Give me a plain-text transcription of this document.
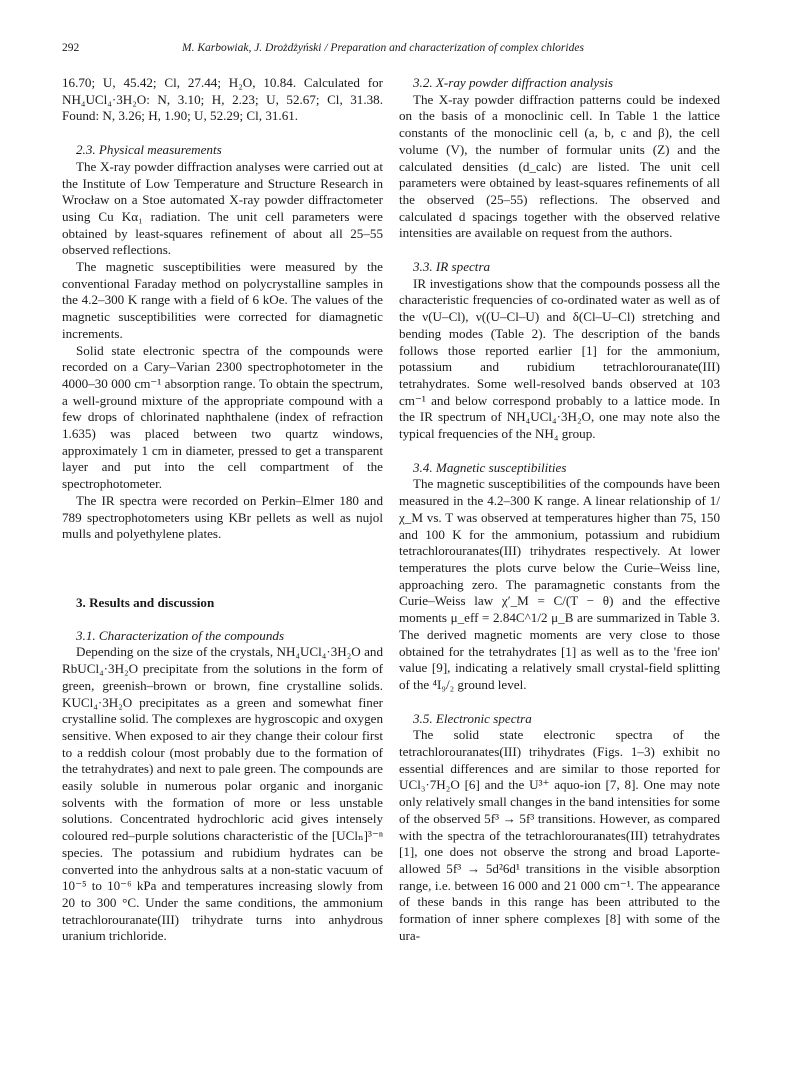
292	M. Karbowiak, J. Drożdżyński / Preparation and characterization of complex chlorides

16.70; U, 45.42; Cl, 27.44; H₂O, 10.84. Calculated for NH₄UCl₄·3H₂O: N, 3.10; H, 2.23; U, 52.67; Cl, 31.38. Found: N, 3.26; H, 1.90; U, 52.29; Cl, 31.61.

2.3. Physical measurements

The X-ray powder diffraction analyses were carried out at the Institute of Low Temperature and Structure Research in Wrocław on a Stoe automated X-ray powder diffractometer using Cu Kα₁ radiation. The unit cell parameters were obtained by least-squares refinement of about all 25–55 observed reflections.

The magnetic susceptibilities were measured by the conventional Faraday method on polycrystalline samples in the 4.2–300 K range with a field of 6 kOe. The values of the magnetic susceptibilities were corrected for diamagnetic increments.

Solid state electronic spectra of the compounds were recorded on a Cary–Varian 2300 spectrophotometer in the 4000–30 000 cm⁻¹ absorption range. To obtain the spectrum, a well-ground mixture of the appropriate compound with a few drops of chlorinated naphthalene (index of refraction 1.635) was placed between two quartz windows, approximately 1 cm in diameter, pressed to get a transparent layer and put into the cell compartment of the spectrophotometer.

The IR spectra were recorded on Perkin–Elmer 180 and 789 spectrophotometers using KBr pellets as well as nujol mulls and polyethylene plates.

3. Results and discussion

3.1. Characterization of the compounds

Depending on the size of the crystals, NH₄UCl₄·3H₂O and RbUCl₄·3H₂O precipitate from the solutions in the form of green, greenish–brown or brown, fine crystalline solids. KUCl₄·3H₂O precipitates as a green and somewhat finer crystalline solid. The complexes are hygroscopic and oxygen sensitive. When exposed to air they change their colour first to a reddish colour (most probably due to the formation of the tetrahydrates) and next to pale green. The compounds are easily soluble in numerous polar organic and inorganic solvents with the formation of more or less unstable solutions. Concentrated hydrochloric acid gives intensely coloured red–purple solutions characteristic of the [UClₙ]³⁻ⁿ species. The potassium and rubidium hydrates can be converted into the anhydrous salts at a non-static vacuum of 10⁻⁵ to 10⁻⁶ kPa and temperatures increasing slowly from 20 to 300 °C. Under the same conditions, the ammonium tetrachlorouranate(III) trihydrate turns into anhydrous uranium trichloride.

3.2. X-ray powder diffraction analysis

The X-ray powder diffraction patterns could be indexed on the basis of a monoclinic cell. In Table 1 the lattice constants of the monoclinic cell (a, b, c and β), the cell volume (V), the number of formular units (Z) and the calculated densities (d_calc) are listed. The unit cell parameters were obtained by least-squares refinements of all the observed (25–55) reflections. The observed and calculated d spacings together with the observed relative intensities are available on request from the authors.

3.3. IR spectra

IR investigations show that the compounds possess all the characteristic frequencies of co-ordinated water as well as of the ν(U–Cl), ν((U–Cl–U) and δ(Cl–U–Cl) stretching and bending modes (Table 2). The description of the bands follows those reported earlier [1] for the ammonium, potassium and rubidium tetrachlorouranate(III) tetrahydrates. Some well-resolved bands observed at 103 cm⁻¹ and below correspond probably to a lattice mode. In the IR spectrum of NH₄UCl₄·3H₂O, one may note also the typical frequencies of the NH₄ group.

3.4. Magnetic susceptibilities

The magnetic susceptibilities of the compounds have been measured in the 4.2–300 K range. A linear relationship of 1/χ_M vs. T was observed at temperatures higher than 75, 150 and 100 K for the ammonium, potassium and rubidium tetrachlorouranates(III) trihydrates respectively. At lower temperatures the plots curve below the Curie–Weiss line, approaching zero. The paramagnetic constants from the Curie–Weiss law χ′_M = C/(T − θ) and the effective moments μ_eff = 2.84C^1/2 μ_B are summarized in Table 3. The derived magnetic moments are very close to those obtained for the tetrahydrates [1] as well as to the 'free ion' value [9], indicating a relatively small crystal-field splitting of the ⁴I₉/₂ ground level.

3.5. Electronic spectra

The solid state electronic spectra of the tetrachlorouranates(III) trihydrates (Figs. 1–3) exhibit no essential differences and are similar to those reported for UCl₃·7H₂O [6] and the U³⁺ aquo-ion [7, 8]. One may note only relatively small changes in the band intensities for some of the observed 5f³ → 5f³ transitions. However, as compared with the spectra of the tetrachlorouranates(III) tetrahydrates [1], one does not observe the strong and broad Laporte-allowed 5f³ → 5d²6d¹ transitions in the visible absorption range, i.e. between 16 000 and 21 000 cm⁻¹. The appearance of these bands in this range has been attributed to the formation of inner sphere complexes [8] with some of the ura-
